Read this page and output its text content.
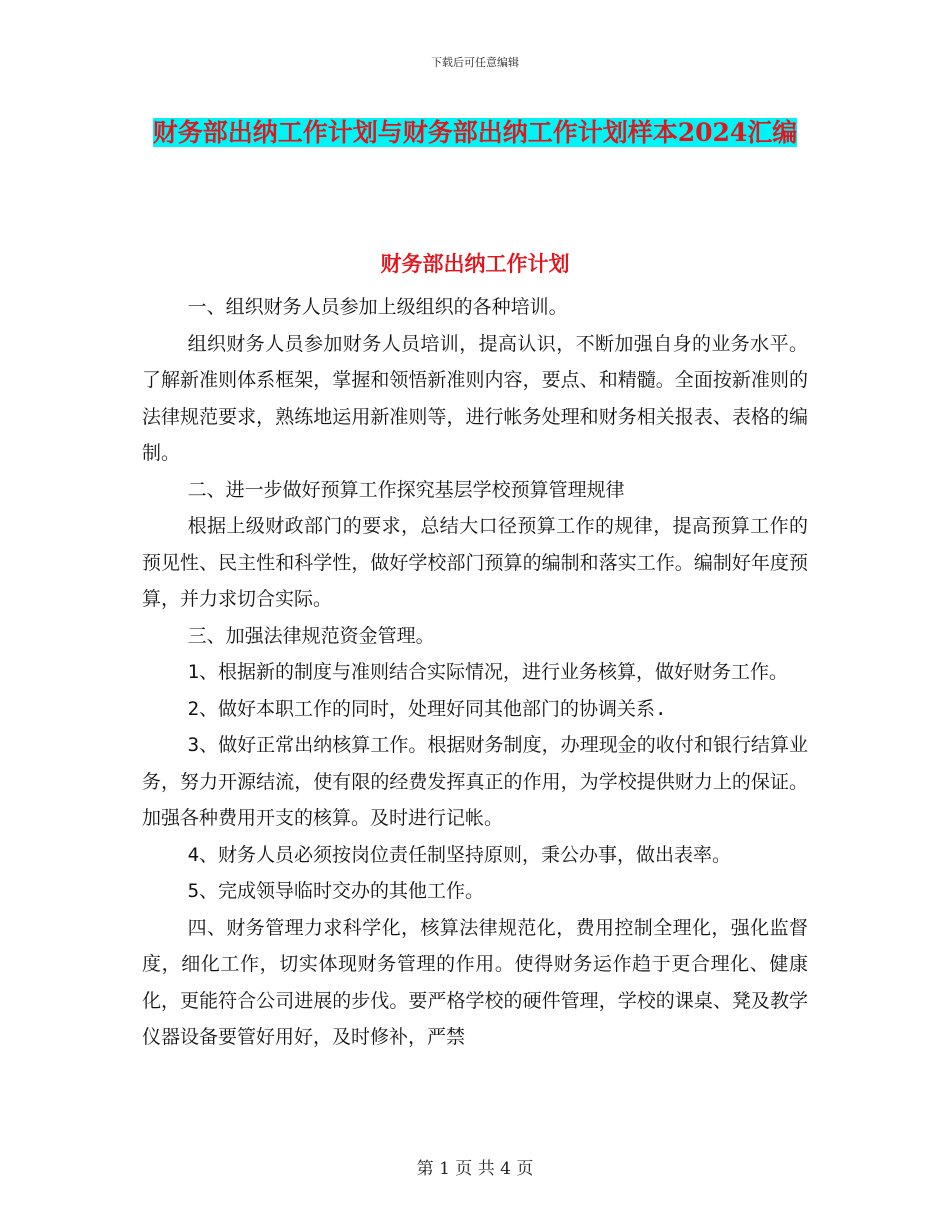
下载后可任意编辑
财务部出纳工作计划与财务部出纳工作计划样本2024汇编
财务部出纳工作计划

一、组织财务人员参加上级组织的各种培训。

组织财务人员参加财务人员培训，提高认识，不断加强自身的业务水平。了解新准则体系框架，掌握和领悟新准则内容，要点、和精髓。全面按新准则的法律规范要求，熟练地运用新准则等，进行帐务处理和财务相关报表、表格的编制。

二、进一步做好预算工作探究基层学校预算管理规律

根据上级财政部门的要求，总结大口径预算工作的规律，提高预算工作的预见性、民主性和科学性，做好学校部门预算的编制和落实工作。编制好年度预算，并力求切合实际。

三、加强法律规范资金管理。

1、根据新的制度与准则结合实际情况，进行业务核算，做好财务工作。

2、做好本职工作的同时，处理好同其他部门的协调关系.

3、做好正常出纳核算工作。根据财务制度，办理现金的收付和银行结算业务，努力开源结流，使有限的经费发挥真正的作用，为学校提供财力上的保证。加强各种费用开支的核算。及时进行记帐。

4、财务人员必须按岗位责任制坚持原则，秉公办事，做出表率。

5、完成领导临时交办的其他工作。

四、财务管理力求科学化，核算法律规范化，费用控制全理化，强化监督度，细化工作，切实体现财务管理的作用。使得财务运作趋于更合理化、健康化，更能符合公司进展的步伐。要严格学校的硬件管理，学校的课桌、凳及教学仪器设备要管好用好，及时修补，严禁

第 1 页 共 4 页
